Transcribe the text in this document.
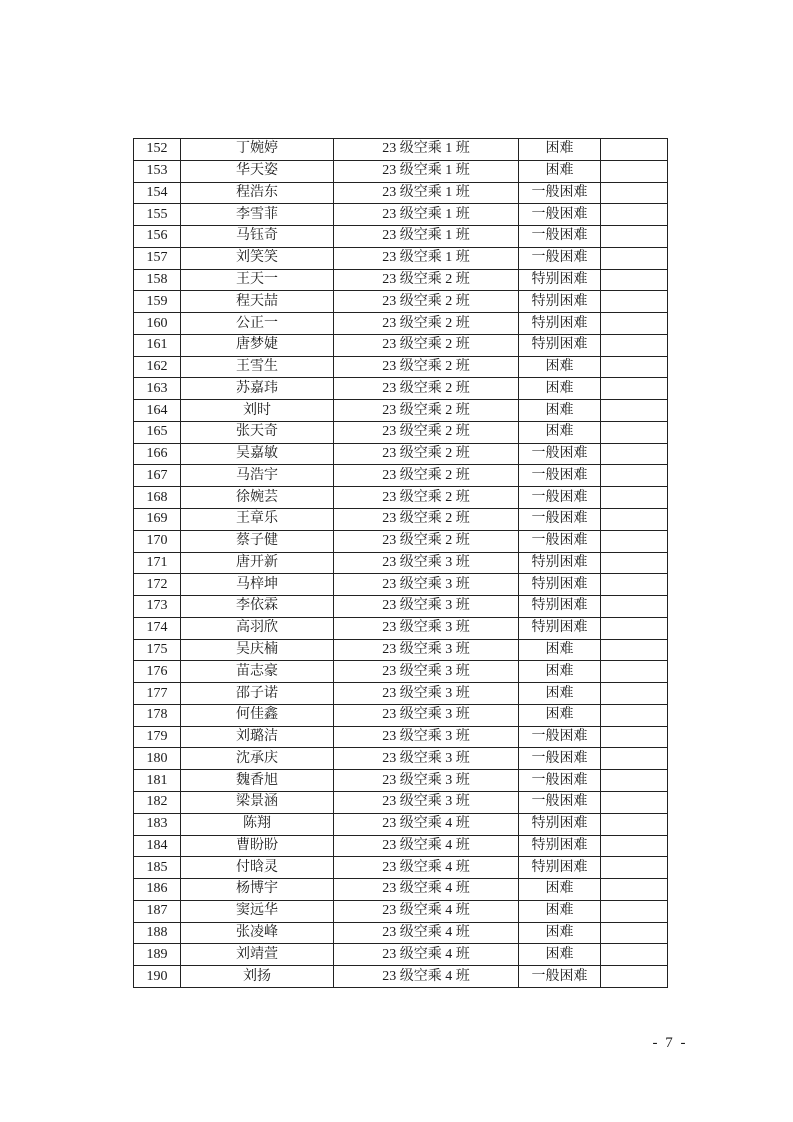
152	丁婉婷	23 级空乘 1 班	困难	
153	华天姿	23 级空乘 1 班	困难	
154	程浩东	23 级空乘 1 班	一般困难	
155	李雪菲	23 级空乘 1 班	一般困难	
156	马钰奇	23 级空乘 1 班	一般困难	
157	刘笑笑	23 级空乘 1 班	一般困难	
158	王天一	23 级空乘 2 班	特别困难	
159	程天喆	23 级空乘 2 班	特别困难	
160	公正一	23 级空乘 2 班	特别困难	
161	唐梦婕	23 级空乘 2 班	特别困难	
162	王雪生	23 级空乘 2 班	困难	
163	苏嘉玮	23 级空乘 2 班	困难	
164	刘时	23 级空乘 2 班	困难	
165	张天奇	23 级空乘 2 班	困难	
166	吴嘉敏	23 级空乘 2 班	一般困难	
167	马浩宇	23 级空乘 2 班	一般困难	
168	徐婉芸	23 级空乘 2 班	一般困难	
169	王章乐	23 级空乘 2 班	一般困难	
170	蔡子健	23 级空乘 2 班	一般困难	
171	唐开新	23 级空乘 3 班	特别困难	
172	马梓坤	23 级空乘 3 班	特别困难	
173	李依霖	23 级空乘 3 班	特别困难	
174	高羽欣	23 级空乘 3 班	特别困难	
175	吴庆楠	23 级空乘 3 班	困难	
176	苗志豪	23 级空乘 3 班	困难	
177	邵子诺	23 级空乘 3 班	困难	
178	何佳鑫	23 级空乘 3 班	困难	
179	刘璐洁	23 级空乘 3 班	一般困难	
180	沈承庆	23 级空乘 3 班	一般困难	
181	魏香旭	23 级空乘 3 班	一般困难	
182	梁景涵	23 级空乘 3 班	一般困难	
183	陈翔	23 级空乘 4 班	特别困难	
184	曹盼盼	23 级空乘 4 班	特别困难	
185	付晗灵	23 级空乘 4 班	特别困难	
186	杨博宇	23 级空乘 4 班	困难	
187	窦远华	23 级空乘 4 班	困难	
188	张凌峰	23 级空乘 4 班	困难	
189	刘靖萱	23 级空乘 4 班	困难	
190	刘扬	23 级空乘 4 班	一般困难	
- 7 -
